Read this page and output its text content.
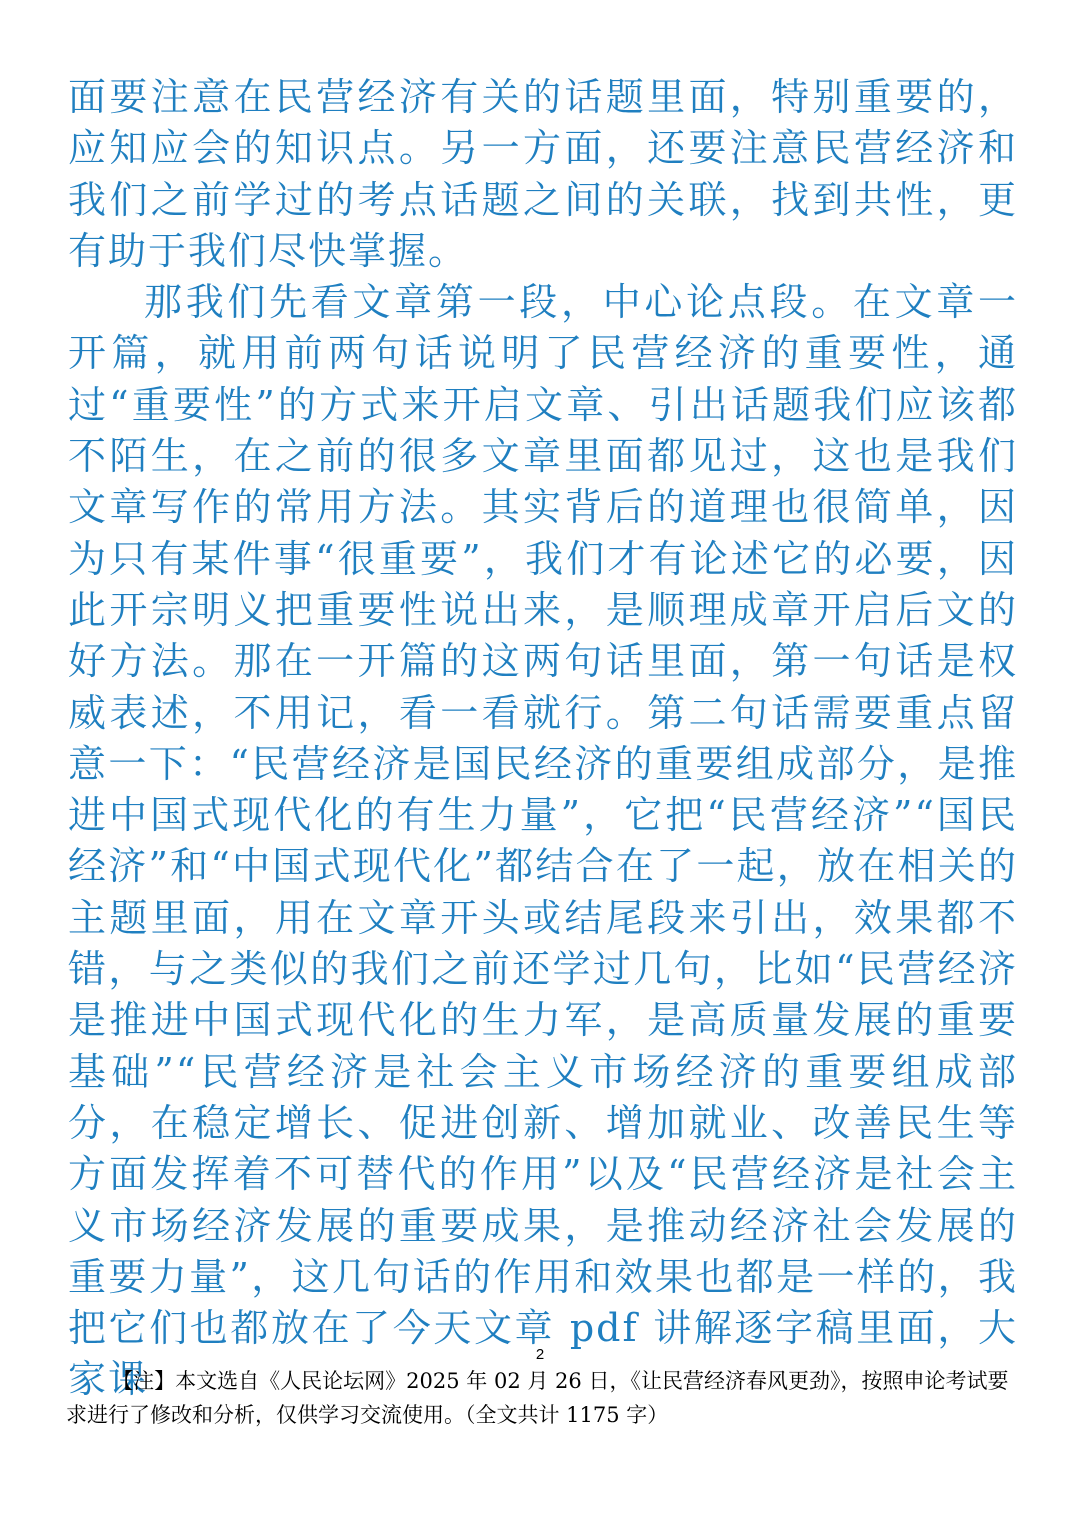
面要注意在民营经济有关的话题里面，特别重要的，应知应会的知识点。另一方面，还要注意民营经济和我们之前学过的考点话题之间的关联，找到共性，更有助于我们尽快掌握。

那我们先看文章第一段，中心论点段。在文章一开篇，就用前两句话说明了民营经济的重要性，通过“重要性”的方式来开启文章、引出话题我们应该都不陌生，在之前的很多文章里面都见过，这也是我们文章写作的常用方法。其实背后的道理也很简单，因为只有某件事“很重要”，我们才有论述它的必要，因此开宗明义把重要性说出来，是顺理成章开启后文的好方法。那在一开篇的这两句话里面，第一句话是权威表述，不用记，看一看就行。第二句话需要重点留意一下：“民营经济是国民经济的重要组成部分，是推进中国式现代化的有生力量”，它把“民营经济”“国民经济”和“中国式现代化”都结合在了一起，放在相关的主题里面，用在文章开头或结尾段来引出，效果都不错，与之类似的我们之前还学过几句，比如“民营经济是推进中国式现代化的生力军，是高质量发展的重要基础”“民营经济是社会主义市场经济的重要组成部分，在稳定增长、促进创新、增加就业、改善民生等方面发挥着不可替代的作用”以及“民营经济是社会主义市场经济发展的重要成果，是推动经济社会发展的重要力量”，这几句话的作用和效果也都是一样的，我把它们也都放在了今天文章 pdf 讲解逐字稿里面，大家课

2

【注】本文选自《人民论坛网》2025 年 02 月 26 日，《让民营经济春风更劲》，按照申论考试要求进行了修改和分析，仅供学习交流使用。（全文共计 1175 字）
